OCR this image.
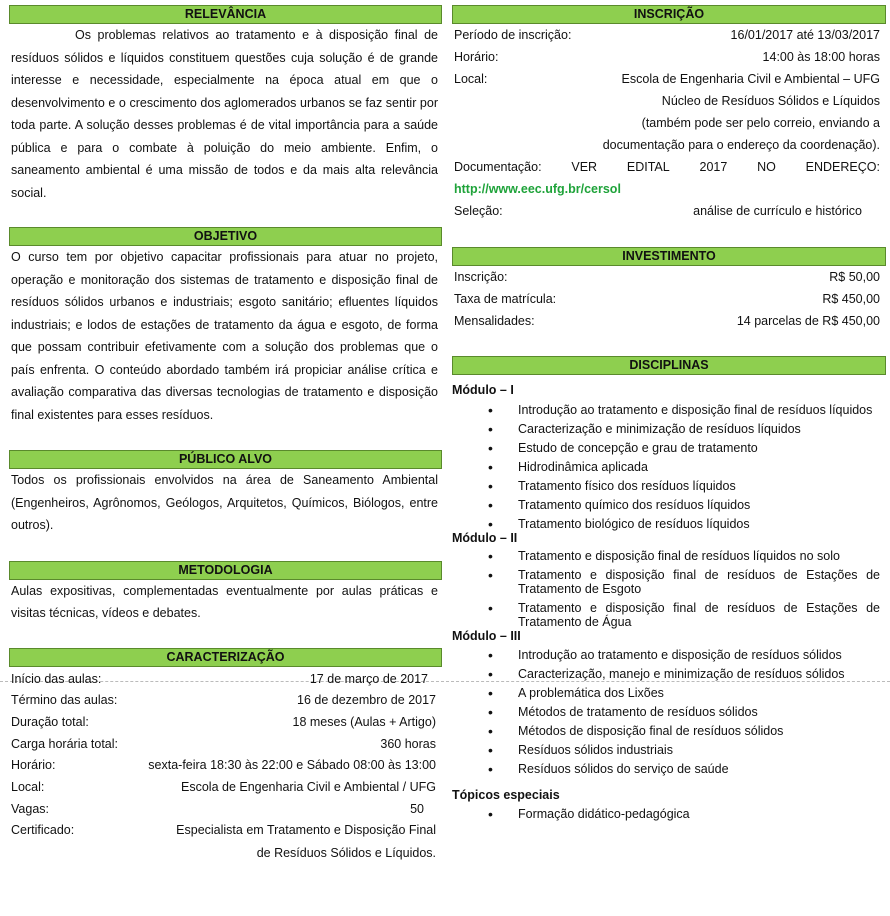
RELEVÂNCIA
Os problemas relativos ao tratamento e à disposição final de resíduos sólidos e líquidos constituem questões cuja solução é de grande interesse e necessidade, especialmente na época atual em que o desenvolvimento e o crescimento dos aglomerados urbanos se faz sentir por toda parte. A solução desses problemas é de vital importância para a saúde pública e para o combate à poluição do meio ambiente. Enfim, o saneamento ambiental é uma missão de todos e da mais alta relevância social.
OBJETIVO
O curso tem por objetivo capacitar profissionais para atuar no projeto, operação e monitoração dos sistemas de tratamento e disposição final de resíduos sólidos urbanos e industriais; esgoto sanitário; efluentes líquidos industriais; e lodos de estações de tratamento da água e esgoto, de forma que possam contribuir efetivamente com a solução dos problemas que o país enfrenta. O conteúdo abordado também irá propiciar análise crítica e avaliação comparativa das diversas tecnologias de tratamento e disposição final existentes para esses resíduos.
PÚBLICO ALVO
Todos os profissionais envolvidos na área de Saneamento Ambiental (Engenheiros, Agrônomos, Geólogos, Arquitetos, Químicos, Biólogos, entre outros).
METODOLOGIA
Aulas expositivas, complementadas eventualmente por aulas práticas e visitas técnicas, vídeos e debates.
CARACTERIZAÇÃO
Início das aulas:	17 de março de 2017
Término das aulas:	16 de dezembro de 2017
Duração total:	18 meses (Aulas + Artigo)
Carga horária total:	360 horas
Horário:	sexta-feira 18:30 às 22:00 e Sábado 08:00 às 13:00
Local:	Escola de Engenharia Civil e Ambiental / UFG
Vagas:	50
Certificado:	Especialista em Tratamento e Disposição Final
de Resíduos Sólidos e Líquidos.
INSCRIÇÃO
Período de inscrição:	16/01/2017 até 13/03/2017
Horário:	14:00 às 18:00 horas
Local:	Escola de Engenharia Civil e Ambiental – UFG
Núcleo de Resíduos Sólidos e Líquidos
(também pode ser pelo correio, enviando a
documentação para o endereço da coordenação).
Documentação: VER EDITAL 2017 NO ENDEREÇO:
http://www.eec.ufg.br/cersol
Seleção:	análise de currículo e histórico
INVESTIMENTO
Inscrição:	R$ 50,00
Taxa de matrícula:	R$ 450,00
Mensalidades:	14 parcelas de R$ 450,00
DISCIPLINAS
Módulo – I
• Introdução ao tratamento e disposição final de resíduos líquidos
• Caracterização e minimização de resíduos líquidos
• Estudo de concepção e grau de tratamento
• Hidrodinâmica aplicada
• Tratamento físico dos resíduos líquidos
• Tratamento químico dos resíduos líquidos
• Tratamento biológico de resíduos líquidos
Módulo – II
• Tratamento e disposição final de resíduos líquidos no solo
• Tratamento e disposição final de resíduos de Estações de Tratamento de Esgoto
• Tratamento e disposição final de resíduos de Estações de Tratamento de Água
Módulo – III
• Introdução ao tratamento e disposição de resíduos sólidos
• Caracterização, manejo e minimização de resíduos sólidos
• A problemática dos Lixões
• Métodos de tratamento de resíduos sólidos
• Métodos de disposição final de resíduos sólidos
• Resíduos sólidos industriais
• Resíduos sólidos do serviço de saúde
Tópicos especiais
• Formação didático-pedagógica
